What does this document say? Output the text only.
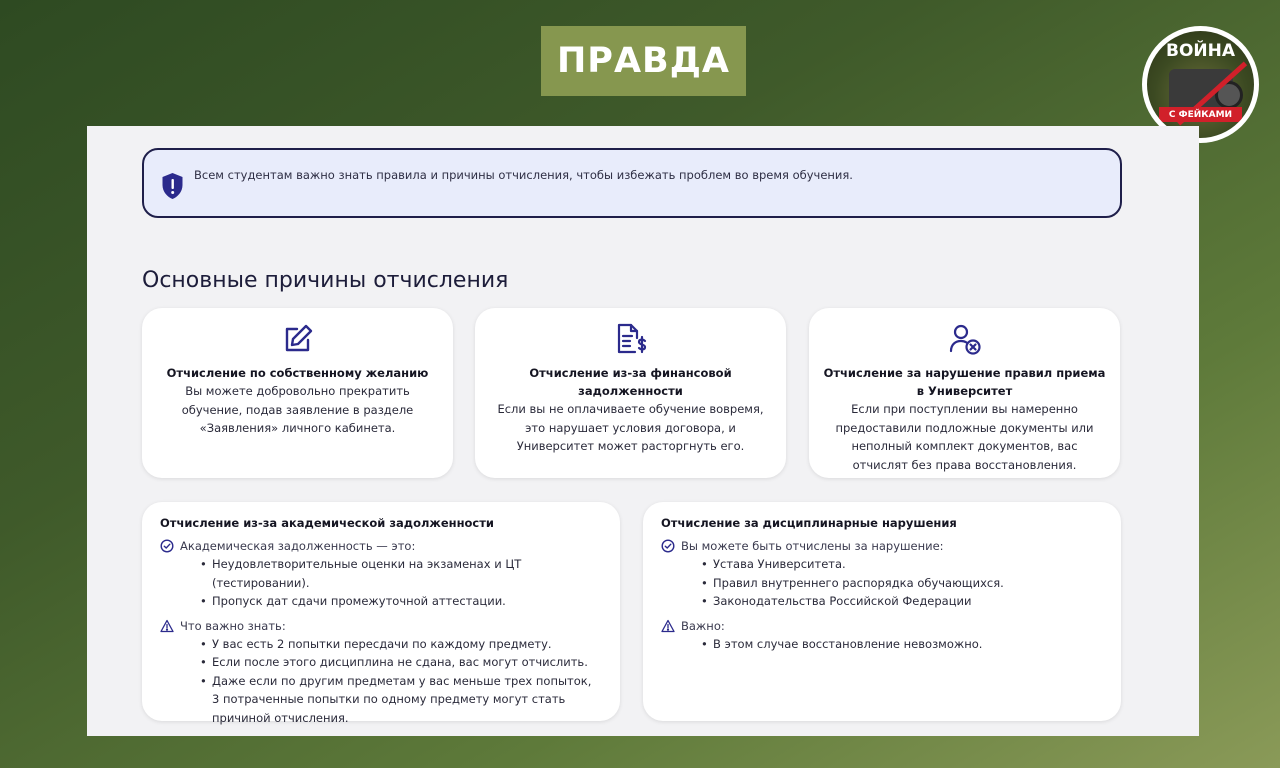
ПРАВДА	ВОЙНА
С ФЕЙКАМИ
Всем студентам важно знать правила и причины отчисления, чтобы избежать проблем во время обучения.
Основные причины отчисления
Отчисление по собственному желанию
Вы можете добровольно прекратить обучение, подав заявление в разделе «Заявления» личного кабинета.
Отчисление из-за финансовой задолженности
Если вы не оплачиваете обучение вовремя, это нарушает условия договора, и Университет может расторгнуть его.
Отчисление за нарушение правил приема в Университет
Если при поступлении вы намеренно предоставили подложные документы или неполный комплект документов, вас отчислят без права восстановления.
Отчисление из-за академической задолженности
Академическая задолженность — это:
• Неудовлетворительные оценки на экзаменах и ЦТ (тестировании).
• Пропуск дат сдачи промежуточной аттестации.
Что важно знать:
• У вас есть 2 попытки пересдачи по каждому предмету.
• Если после этого дисциплина не сдана, вас могут отчислить.
• Даже если по другим предметам у вас меньше трех попыток, 3 потраченные попытки по одному предмету могут стать причиной отчисления.
Отчисление за дисциплинарные нарушения
Вы можете быть отчислены за нарушение:
• Устава Университета.
• Правил внутреннего распорядка обучающихся.
• Законодательства Российской Федерации
Важно:
• В этом случае восстановление невозможно.
